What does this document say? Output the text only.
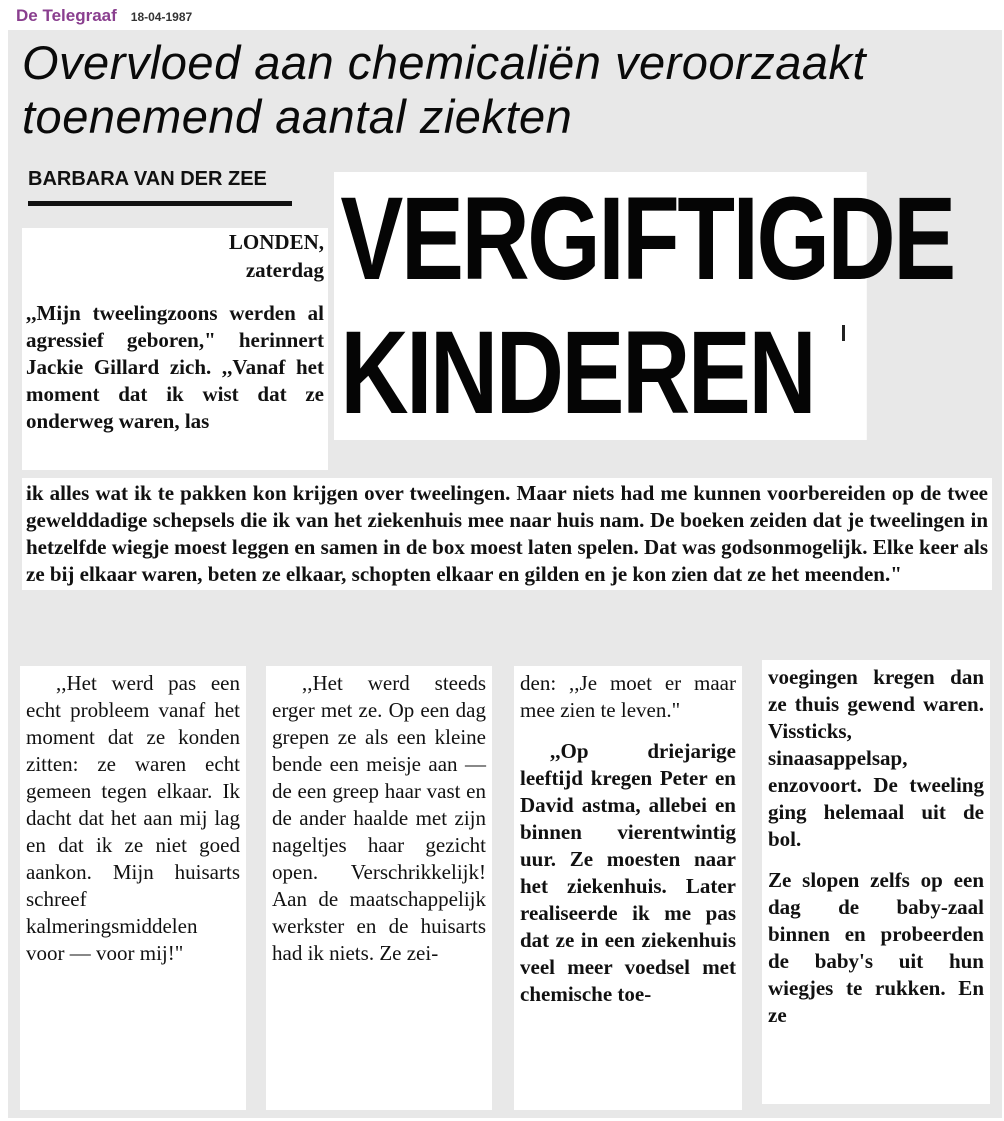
De Telegraaf 18-04-1987
Overvloed aan chemicaliën veroorzaakt
toenemend aantal ziekten
BARBARA VAN DER ZEE VERGIFTIGDE
KINDEREN
LONDEN,
zaterdag

,,Mijn tweelingzoons werden al agressief geboren," herinnert Jackie Gillard zich. ,,Vanaf het moment dat ik wist dat ze onderweg waren, las

ik alles wat ik te pakken kon krijgen over tweelingen. Maar niets had me kunnen voorbereiden op de twee gewelddadige schepsels die ik van het ziekenhuis mee naar huis nam. De boeken zeiden dat je tweelingen in hetzelfde wiegje moest leggen en samen in de box moest laten spelen. Dat was godsonmogelijk. Elke keer als ze bij elkaar waren, beten ze elkaar, schopten elkaar en gilden en je kon zien dat ze het meenden."

,,Het werd pas een echt probleem vanaf het moment dat ze konden zitten: ze waren echt gemeen tegen elkaar. Ik dacht dat het aan mij lag en dat ik ze niet goed aankon. Mijn huisarts schreef kalmeringsmiddelen voor — voor mij!"

,,Het werd steeds erger met ze. Op een dag grepen ze als een kleine bende een meisje aan — de een greep haar vast en de ander haalde met zijn nageltjes haar gezicht open. Verschrikkelijk! Aan de maatschappelijk werkster en de huisarts had ik niets. Ze zei-

den: ,,Je moet er maar mee zien te leven."

,,Op driejarige leeftijd kregen Peter en David astma, allebei en binnen vierentwintig uur. Ze moesten naar het ziekenhuis. Later realiseerde ik me pas dat ze in een ziekenhuis veel meer voedsel met chemische toe-

voegingen kregen dan ze thuis gewend waren. Vissticks, sinaasappelsap, enzovoort. De tweeling ging helemaal uit de bol.

Ze slopen zelfs op een dag de baby-zaal binnen en probeerden de baby's uit hun wiegjes te rukken. En ze
